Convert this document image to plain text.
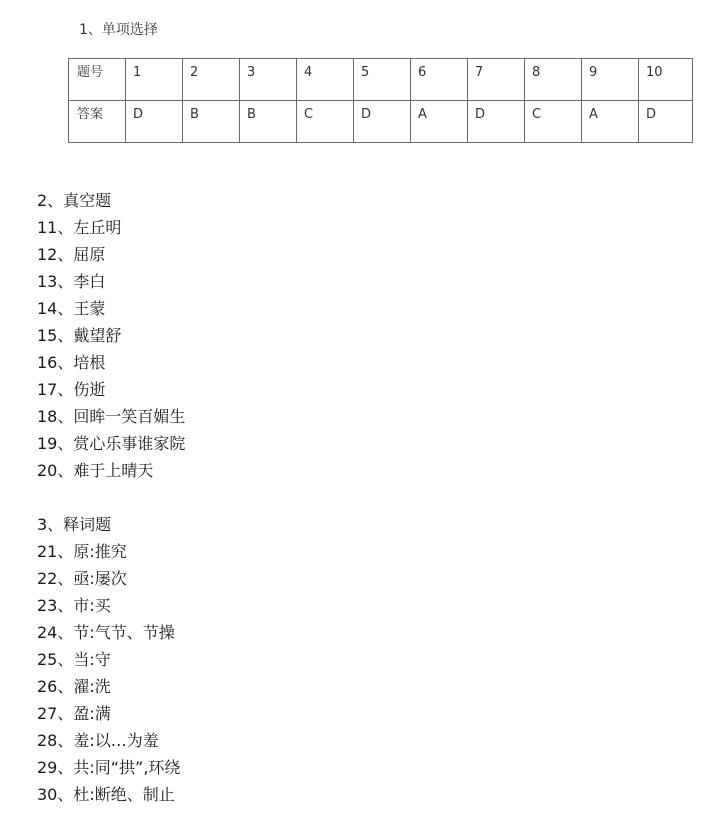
1、单项选择
题号	1	2	3	4	5	6	7	8	9	10

答案	D	B	B	C	D	A	D	C	A	D
2、真空题
11、左丘明
12、屈原
13、李白
14、王蒙
15、戴望舒
16、培根
17、伤逝
18、回眸一笑百媚生
19、赏心乐事谁家院
20、难于上晴天
3、释词题
21、原:推究
22、亟:屡次
23、市:买
24、节:气节、节操
25、当:守
26、濯:洗
27、盈:满
28、羞:以…为羞
29、共:同“拱”,环绕
30、杜:断绝、制止
